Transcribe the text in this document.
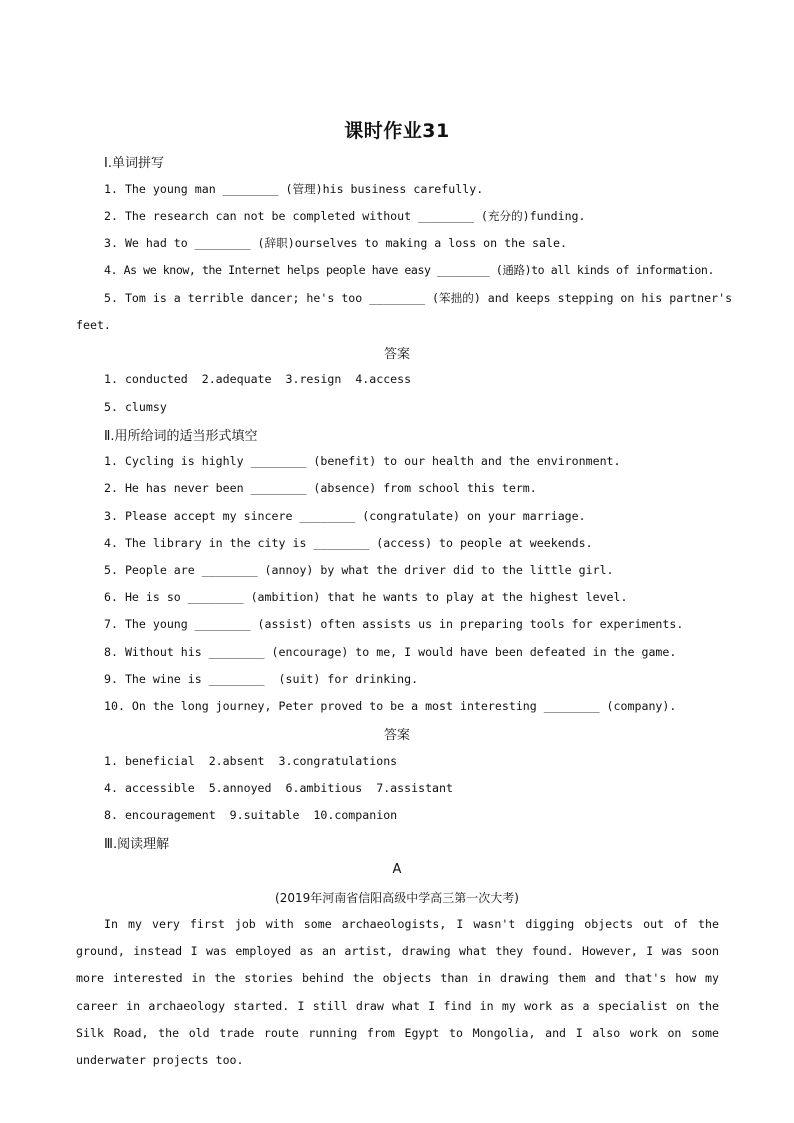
课时作业31
Ⅰ.单词拼写
1. The young man ________ (管理)his business carefully.
2. The research can not be completed without ________ (充分的)funding.
3. We had to ________ (辞职)ourselves to making a loss on the sale.
4. As we know, the Internet helps people have easy ________ (通路)to all kinds of information.
5. Tom is a terrible dancer; he's too ________ (笨拙的) and keeps stepping on his partner's
feet.
答案
1. conducted  2.adequate  3.resign  4.access
5. clumsy
Ⅱ.用所给词的适当形式填空
1. Cycling is highly ________ (benefit) to our health and the environment.
2. He has never been ________ (absence) from school this term.
3. Please accept my sincere ________ (congratulate) on your marriage.
4. The library in the city is ________ (access) to people at weekends.
5. People are ________ (annoy) by what the driver did to the little girl.
6. He is so ________ (ambition) that he wants to play at the highest level.
7. The young ________ (assist) often assists us in preparing tools for experiments.
8. Without his ________ (encourage) to me, I would have been defeated in the game.
9. The wine is ________  (suit) for drinking.
10. On the long journey, Peter proved to be a most interesting ________ (company).
答案
1. beneficial  2.absent  3.congratulations
4. accessible  5.annoyed  6.ambitious  7.assistant
8. encouragement  9.suitable  10.companion
Ⅲ.阅读理解
A
(2019年河南省信阳高级中学高三第一次大考)
In my very first job with some archaeologists, I wasn't digging objects out of the ground, instead I was employed as an artist, drawing what they found. However, I was soon more interested in the stories behind the objects than in drawing them and that's how my career in archaeology started. I still draw what I find in my work as a specialist on the Silk Road, the old trade route running from Egypt to Mongolia, and I also work on some underwater projects too.
